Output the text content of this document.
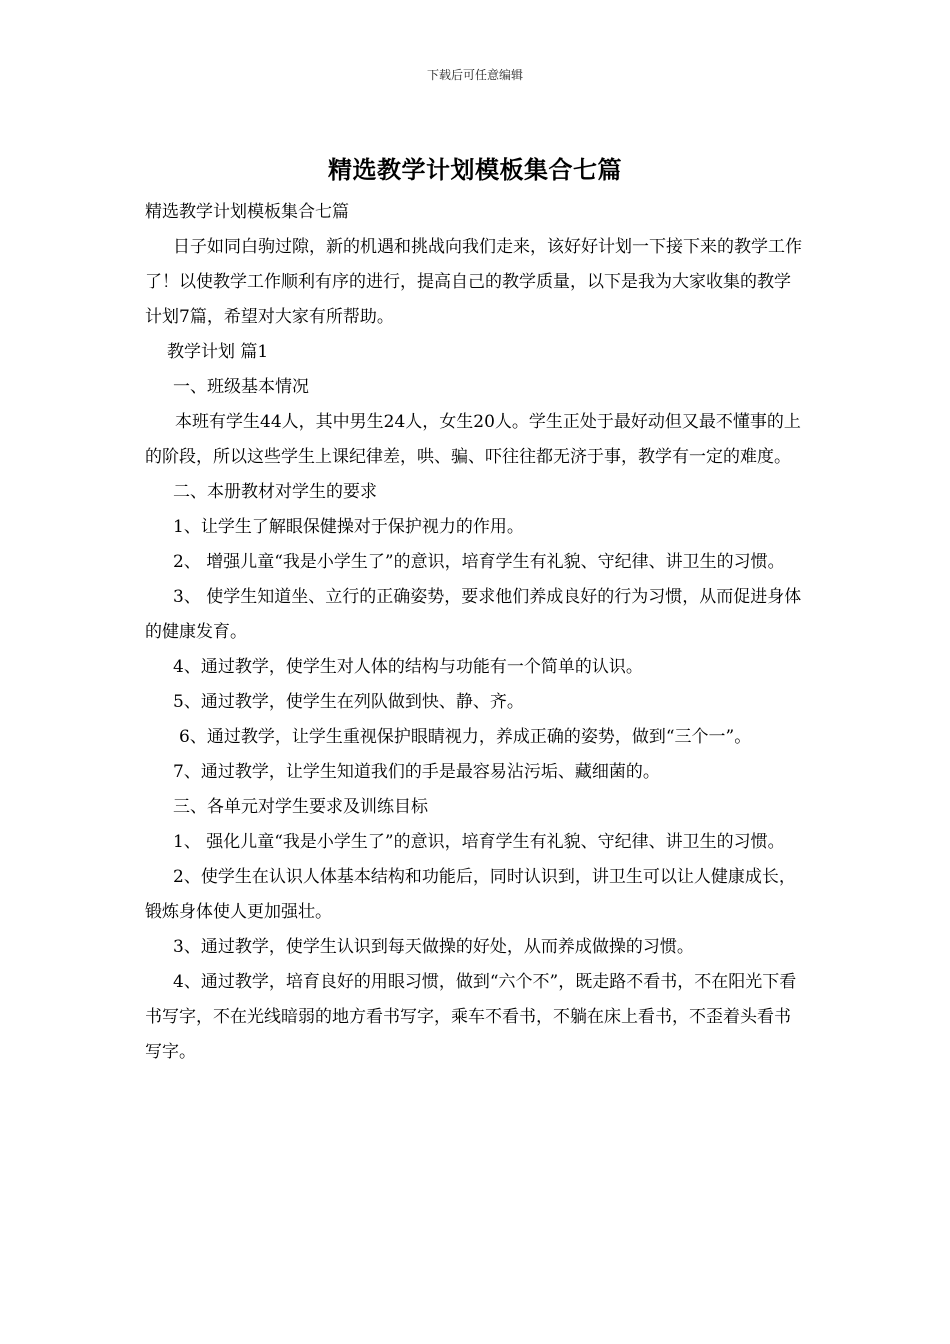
下载后可任意编辑
精选教学计划模板集合七篇

精选教学计划模板集合七篇

日子如同白驹过隙，新的机遇和挑战向我们走来，该好好计划一下接下来的教学工作了！以使教学工作顺利有序的进行，提高自己的教学质量，以下是我为大家收集的教学计划7篇，希望对大家有所帮助。

教学计划 篇1

一、班级基本情况

本班有学生44人，其中男生24人，女生20人。学生正处于最好动但又最不懂事的上的阶段，所以这些学生上课纪律差，哄、骗、吓往往都无济于事，教学有一定的难度。

二、本册教材对学生的要求

1、让学生了解眼保健操对于保护视力的作用。

2、 增强儿童“我是小学生了”的意识，培育学生有礼貌、守纪律、讲卫生的习惯。

3、 使学生知道坐、立行的正确姿势，要求他们养成良好的行为习惯，从而促进身体的健康发育。

4、通过教学，使学生对人体的结构与功能有一个简单的认识。

5、通过教学，使学生在列队做到快、静、齐。

6、通过教学，让学生重视保护眼睛视力，养成正确的姿势，做到“三个一”。

7、通过教学，让学生知道我们的手是最容易沾污垢、藏细菌的。

三、各单元对学生要求及训练目标

1、 强化儿童“我是小学生了”的意识，培育学生有礼貌、守纪律、讲卫生的习惯。

2、使学生在认识人体基本结构和功能后，同时认识到，讲卫生可以让人健康成长，锻炼身体使人更加强壮。

3、通过教学，使学生认识到每天做操的好处，从而养成做操的习惯。

4、通过教学，培育良好的用眼习惯，做到“六个不”，既走路不看书，不在阳光下看书写字，不在光线暗弱的地方看书写字，乘车不看书，不躺在床上看书，不歪着头看书写字。
